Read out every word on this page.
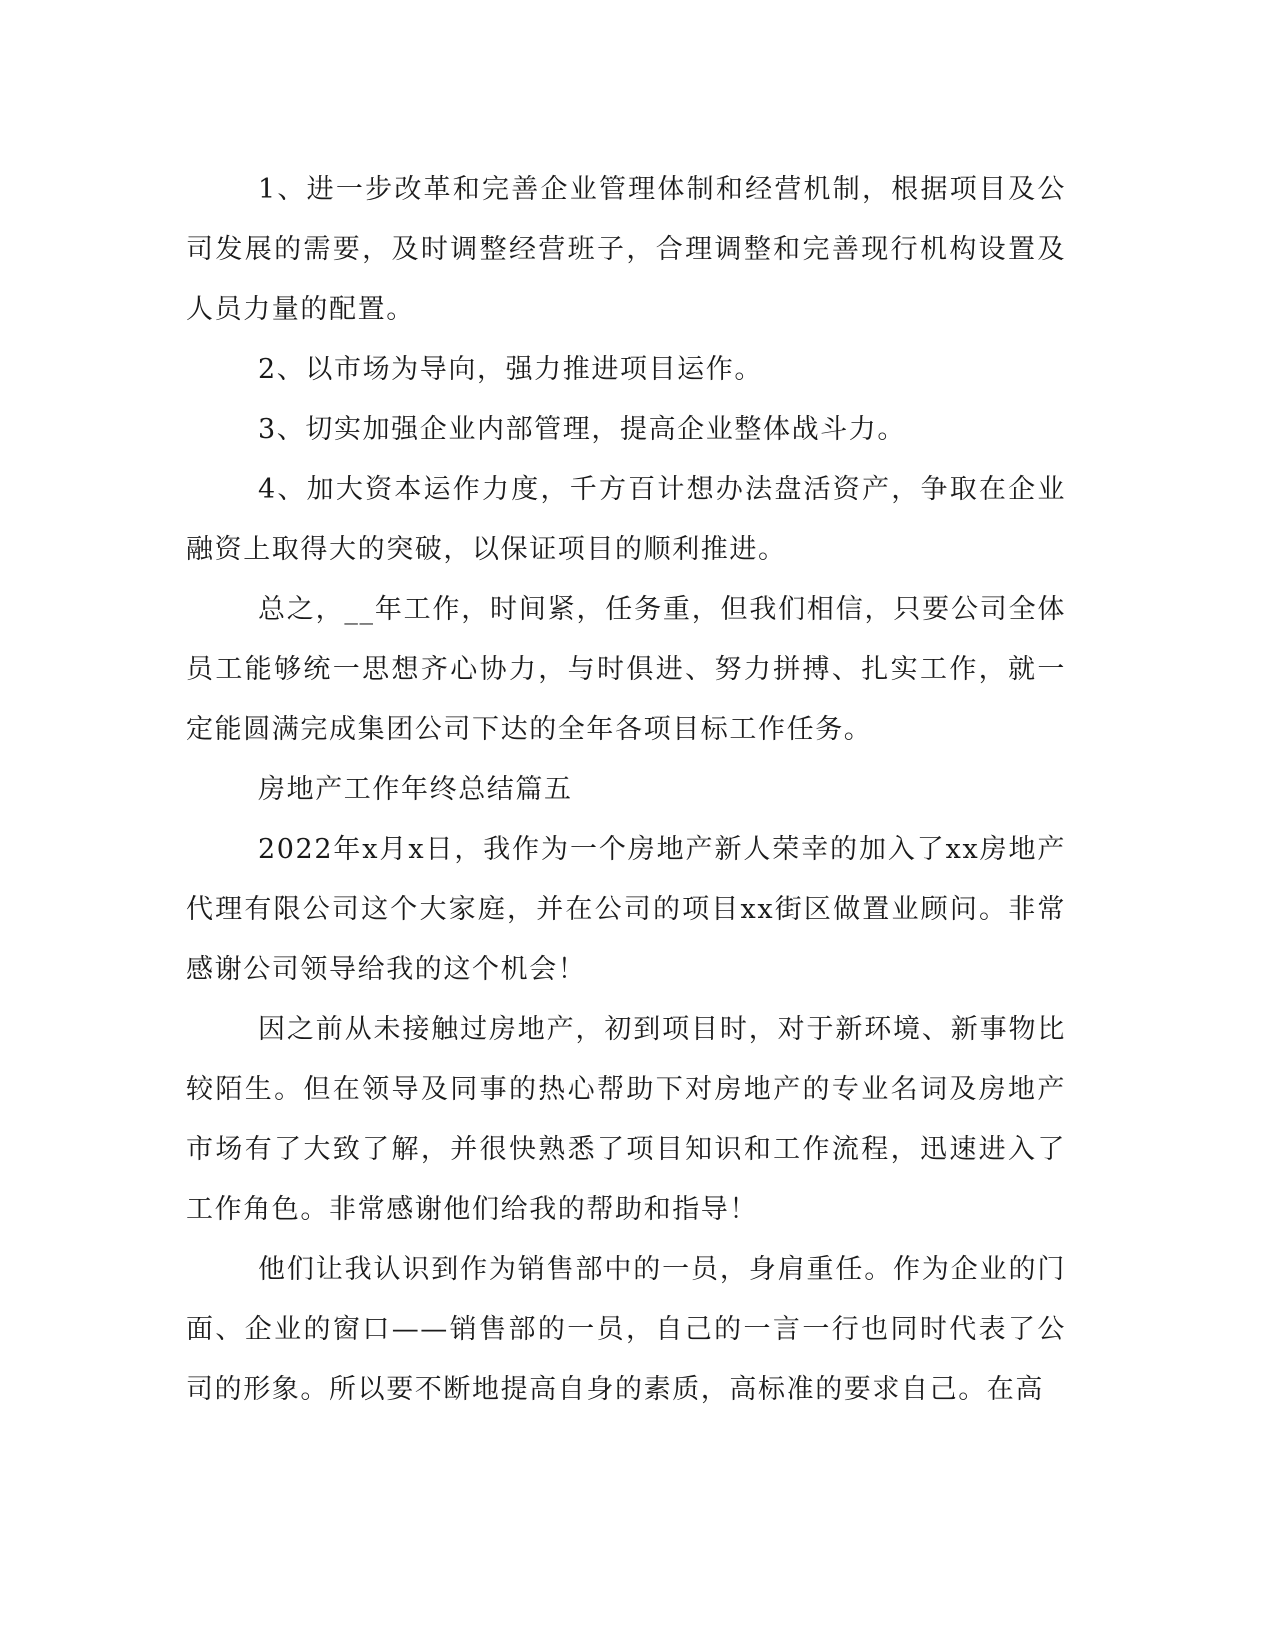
1、进一步改革和完善企业管理体制和经营机制，根据项目及公司发展的需要，及时调整经营班子，合理调整和完善现行机构设置及人员力量的配置。

2、以市场为导向，强力推进项目运作。

3、切实加强企业内部管理，提高企业整体战斗力。

4、加大资本运作力度，千方百计想办法盘活资产，争取在企业融资上取得大的突破，以保证项目的顺利推进。

总之，__年工作，时间紧，任务重，但我们相信，只要公司全体员工能够统一思想齐心协力，与时俱进、努力拼搏、扎实工作，就一定能圆满完成集团公司下达的全年各项目标工作任务。

房地产工作年终总结篇五

2022年x月x日，我作为一个房地产新人荣幸的加入了xx房地产代理有限公司这个大家庭，并在公司的项目xx街区做置业顾问。非常感谢公司领导给我的这个机会！

因之前从未接触过房地产，初到项目时，对于新环境、新事物比较陌生。但在领导及同事的热心帮助下对房地产的专业名词及房地产市场有了大致了解，并很快熟悉了项目知识和工作流程，迅速进入了工作角色。非常感谢他们给我的帮助和指导！

他们让我认识到作为销售部中的一员，身肩重任。作为企业的门面、企业的窗口——销售部的一员，自己的一言一行也同时代表了公司的形象。所以要不断地提高自身的素质，高标准的要求自己。在高
